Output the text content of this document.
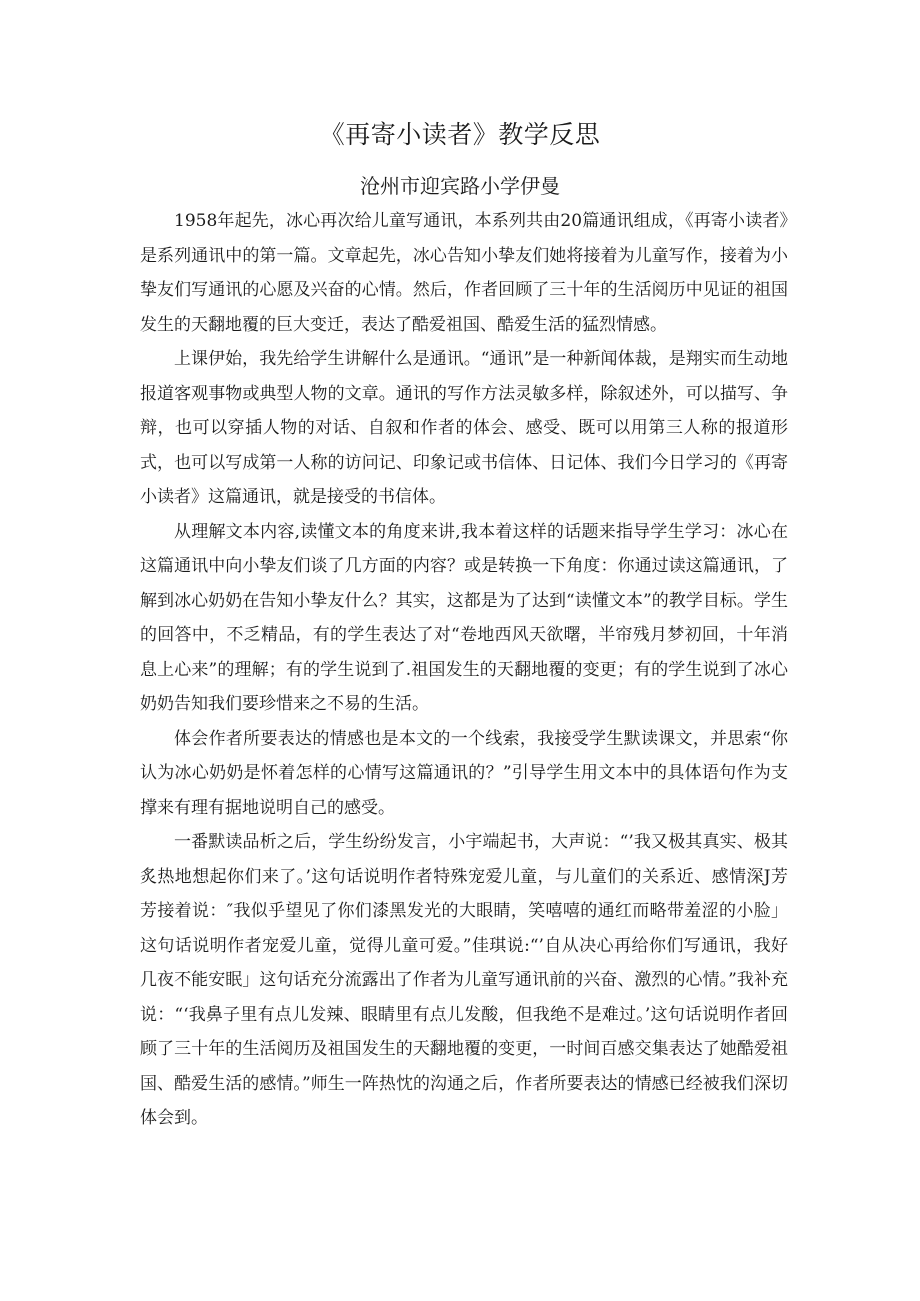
《再寄小读者》教学反思
沧州市迎宾路小学伊曼

1958年起先，冰心再次给儿童写通讯，本系列共由20篇通讯组成，《再寄小读者》是系列通讯中的第一篇。文章起先，冰心告知小挚友们她将接着为儿童写作，接着为小挚友们写通讯的心愿及兴奋的心情。然后，作者回顾了三十年的生活阅历中见证的祖国发生的天翻地覆的巨大变迁，表达了酷爱祖国、酷爱生活的猛烈情感。

上课伊始，我先给学生讲解什么是通讯。“通讯”是一种新闻体裁，是翔实而生动地报道客观事物或典型人物的文章。通讯的写作方法灵敏多样，除叙述外，可以描写、争辩，也可以穿插人物的对话、自叙和作者的体会、感受、既可以用第三人称的报道形式，也可以写成第一人称的访问记、印象记或书信体、日记体、我们今日学习的《再寄小读者》这篇通讯，就是接受的书信体。

从理解文本内容,读懂文本的角度来讲,我本着这样的话题来指导学生学习：冰心在这篇通讯中向小挚友们谈了几方面的内容？或是转换一下角度：你通过读这篇通讯，了解到冰心奶奶在告知小挚友什么？其实，这都是为了达到“读懂文本”的教学目标。学生的回答中，不乏精品，有的学生表达了对“卷地西风天欲曙，半帘残月梦初回，十年消息上心来”的理解；有的学生说到了.祖国发生的天翻地覆的变更；有的学生说到了冰心奶奶告知我们要珍惜来之不易的生活。

体会作者所要表达的情感也是本文的一个线索，我接受学生默读课文，并思索“你认为冰心奶奶是怀着怎样的心情写这篇通讯的？”引导学生用文本中的具体语句作为支撑来有理有据地说明自己的感受。

一番默读品析之后，学生纷纷发言，小宇端起书，大声说：“’我又极其真实、极其炙热地想起你们来了。’这句话说明作者特殊宠爱儿童，与儿童们的关系近、感情深J芳芳接着说：″我似乎望见了你们漆黑发光的大眼睛，笑嘻嘻的通红而略带羞涩的小脸」这句话说明作者宠爱儿童，觉得儿童可爱。”佳琪说:“’自从决心再给你们写通讯，我好几夜不能安眠」这句话充分流露出了作者为儿童写通讯前的兴奋、激烈的心情。”我补充说：“‘我鼻子里有点儿发辣、眼睛里有点儿发酸，但我绝不是难过。’这句话说明作者回顾了三十年的生活阅历及祖国发生的天翻地覆的变更，一时间百感交集表达了她酷爱祖国、酷爱生活的感情。”师生一阵热忱的沟通之后，作者所要表达的情感已经被我们深切体会到。
